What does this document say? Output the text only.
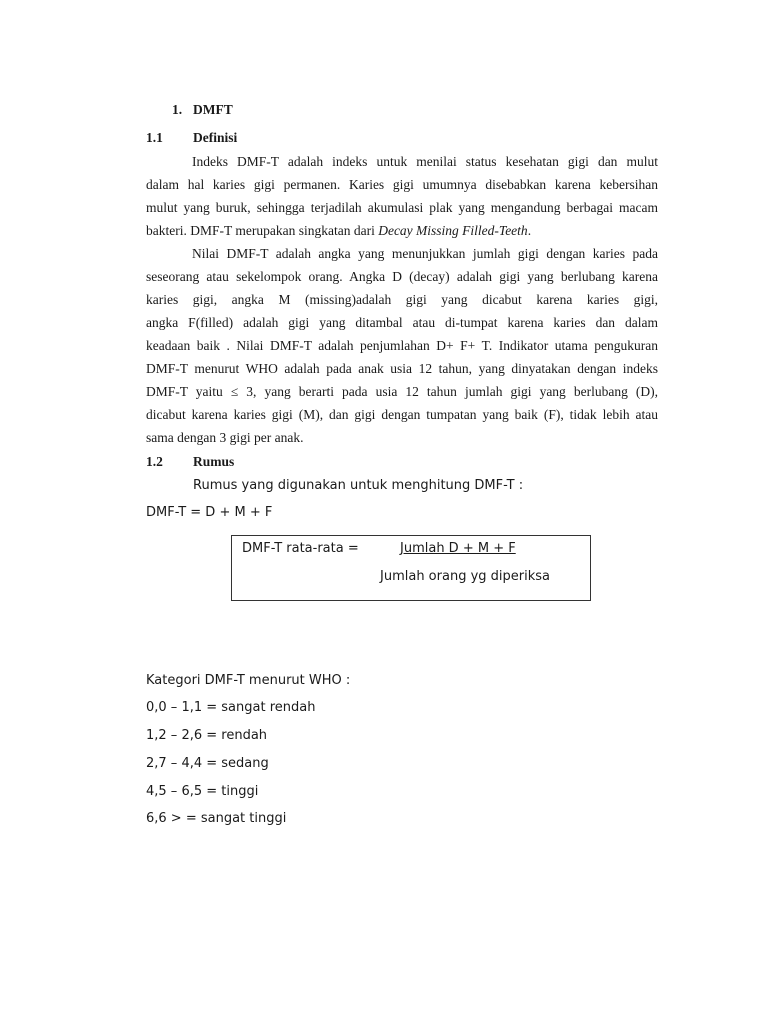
1. DMFT
1.1 Definisi
Indeks DMF-T adalah indeks untuk menilai status kesehatan gigi dan mulut
dalam hal karies gigi permanen. Karies gigi umumnya disebabkan karena kebersihan
mulut yang buruk, sehingga terjadilah akumulasi plak yang mengandung berbagai macam
bakteri. DMF-T merupakan singkatan dari Decay Missing Filled-Teeth.
Nilai DMF-T adalah angka yang menunjukkan jumlah gigi dengan karies pada
seseorang atau sekelompok orang. Angka D (decay) adalah gigi yang berlubang karena
karies gigi, angka M (missing)adalah gigi yang dicabut karena karies gigi,
angka F(filled) adalah gigi yang ditambal atau di-tumpat karena karies dan dalam
keadaan baik . Nilai DMF-T adalah penjumlahan D+ F+ T. Indikator utama pengukuran
DMF-T menurut WHO adalah pada anak usia 12 tahun, yang dinyatakan dengan indeks
DMF-T yaitu ≤ 3, yang berarti pada usia 12 tahun jumlah gigi yang berlubang (D),
dicabut karena karies gigi (M), dan gigi dengan tumpatan yang baik (F), tidak lebih atau
sama dengan 3 gigi per anak.
1.2 Rumus
Rumus yang digunakan untuk menghitung DMF-T :
DMF-T = D + M + F
DMF-T rata-rata =	Jumlah D + M + F
Jumlah orang yg diperiksa
Kategori DMF-T menurut WHO :
0,0 – 1,1 = sangat rendah
1,2 – 2,6 = rendah
2,7 – 4,4 = sedang
4,5 – 6,5 = tinggi
6,6 > = sangat tinggi
